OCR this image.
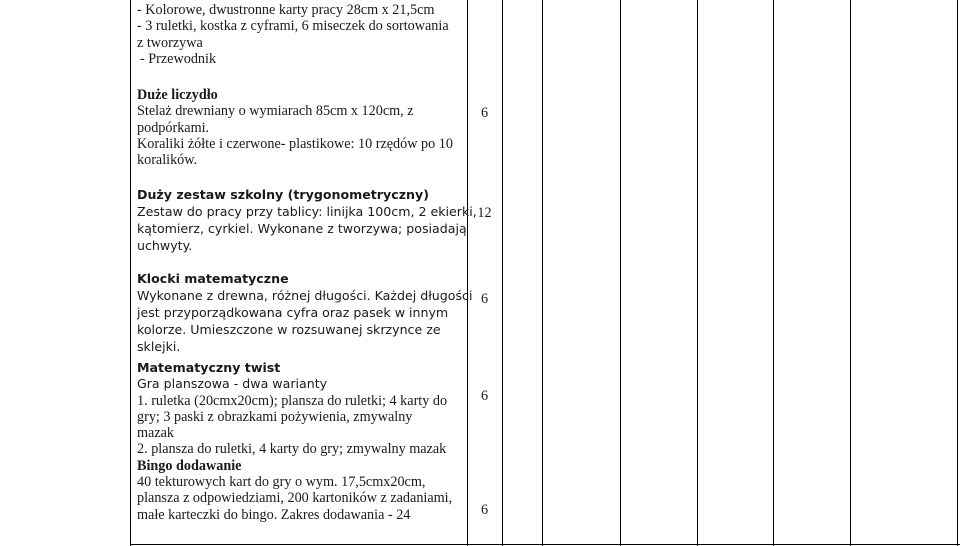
- Kolorowe, dwustronne karty pracy 28cm x 21,5cm
- 3 ruletki, kostka z cyframi, 6 miseczek do sortowania
z tworzywa
- Przewodnik
6
Duże liczydło
Stelaż drewniany o wymiarach 85cm x 120cm, z
podpórkami.
Koraliki żółte i czerwone- plastikowe: 10 rzędów po 10
koralików.
Duży zestaw szkolny (trygonometryczny)
Zestaw do pracy przy tablicy: linijka 100cm, 2 ekierki,
kątomierz, cyrkiel. Wykonane z tworzywa; posiadają
uchwyty.
12
Klocki matematyczne
Wykonane z drewna, różnej długości. Każdej długości
jest przyporządkowana cyfra oraz pasek w innym
kolorze. Umieszczone w rozsuwanej skrzynce ze
sklejki.
6
Matematyczny twist
Gra planszowa - dwa warianty
1. ruletka (20cmx20cm); plansza do ruletki; 4 karty do
gry; 3 paski z obrazkami pożywienia, zmywalny
mazak
2. plansza do ruletki, 4 karty do gry; zmywalny mazak
Bingo dodawanie
40 tekturowych kart do gry o wym. 17,5cmx20cm,
plansza z odpowiedziami, 200 kartoników z zadaniami,
małe karteczki do bingo. Zakres dodawania - 24
6
6
